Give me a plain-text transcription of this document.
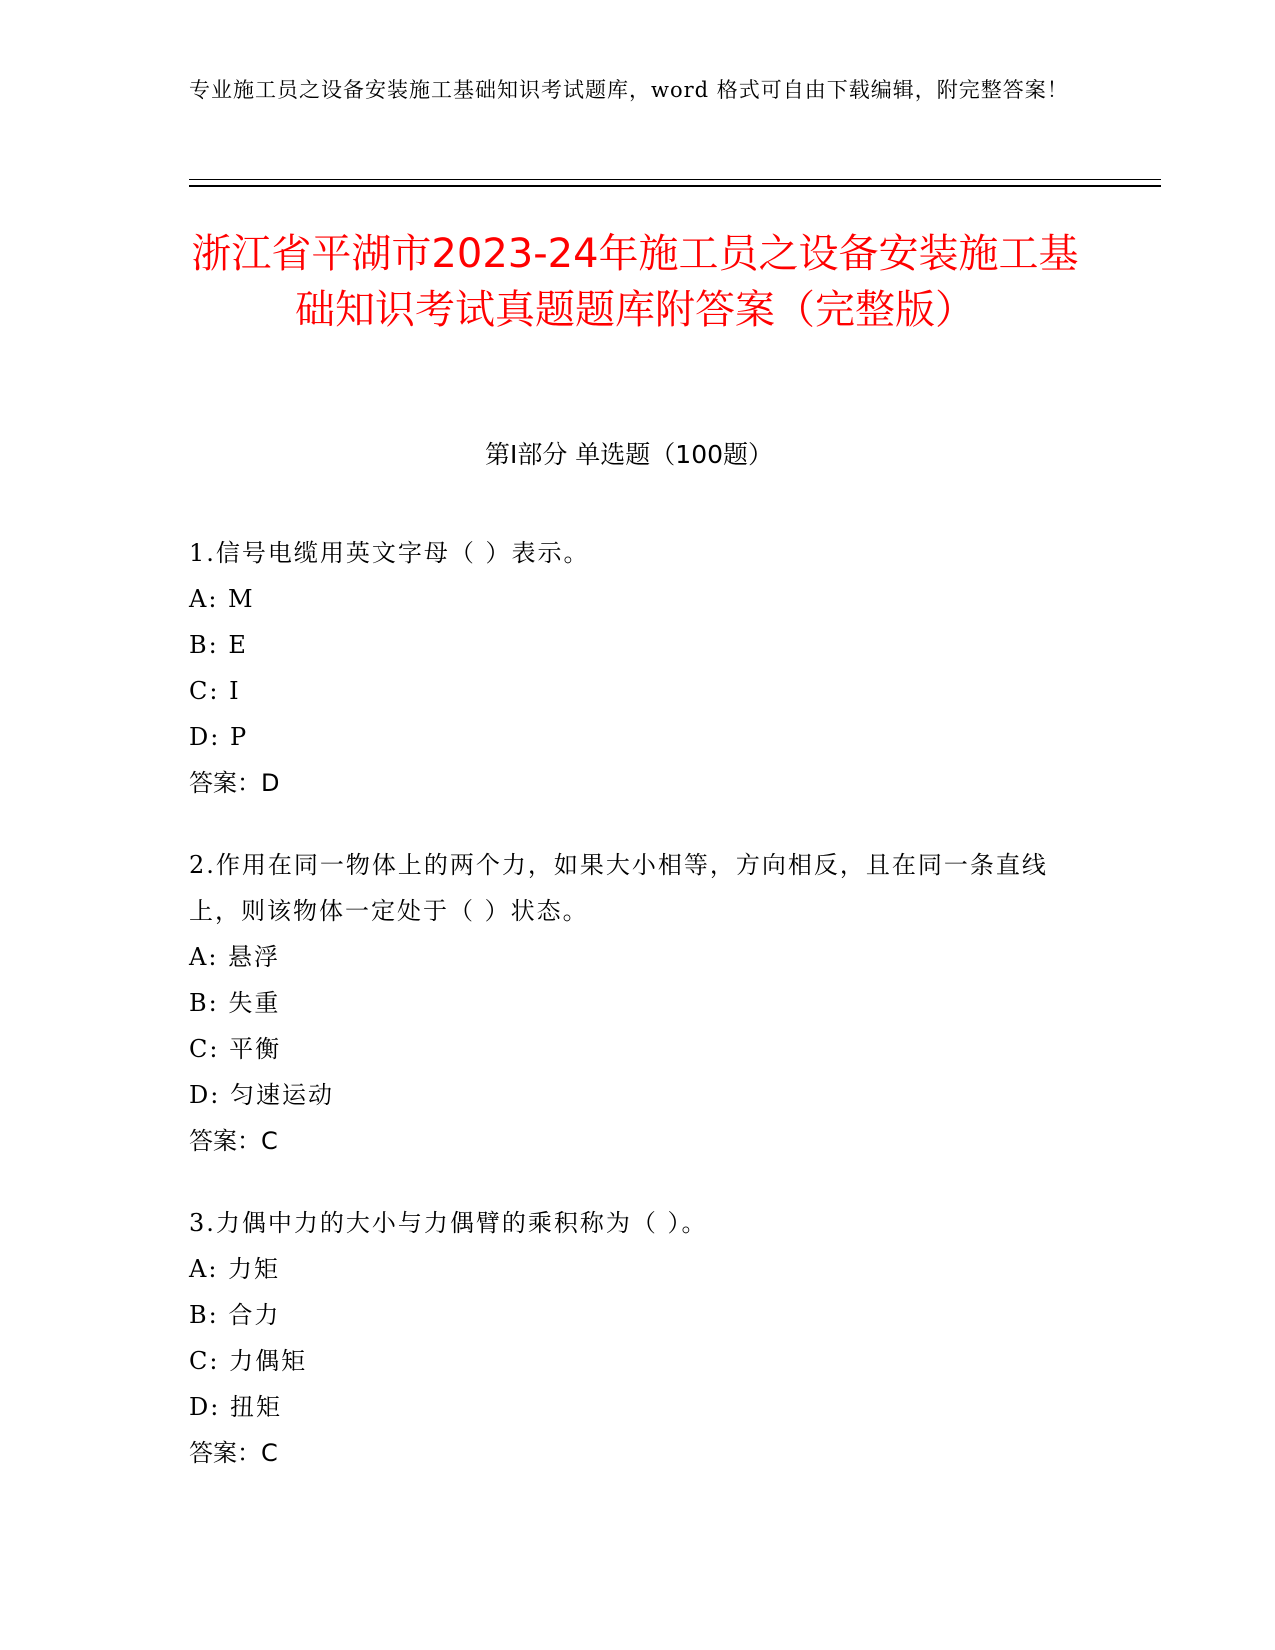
专业施工员之设备安装施工基础知识考试题库，word 格式可自由下载编辑，附完整答案！
浙江省平湖市2023-24年施工员之设备安装施工基础知识考试真题题库附答案（完整版）
第I部分 单选题（100题）

1.信号电缆用英文字母（ ）表示。

A: M

B: E

C: I

D: P

答案：D

2.作用在同一物体上的两个力，如果大小相等，方向相反，且在同一条直线上，则该物体一定处于（ ）状态。

A: 悬浮

B: 失重

C: 平衡

D: 匀速运动

答案：C

3.力偶中力的大小与力偶臂的乘积称为（ ）。

A: 力矩

B: 合力

C: 力偶矩

D: 扭矩

答案：C
